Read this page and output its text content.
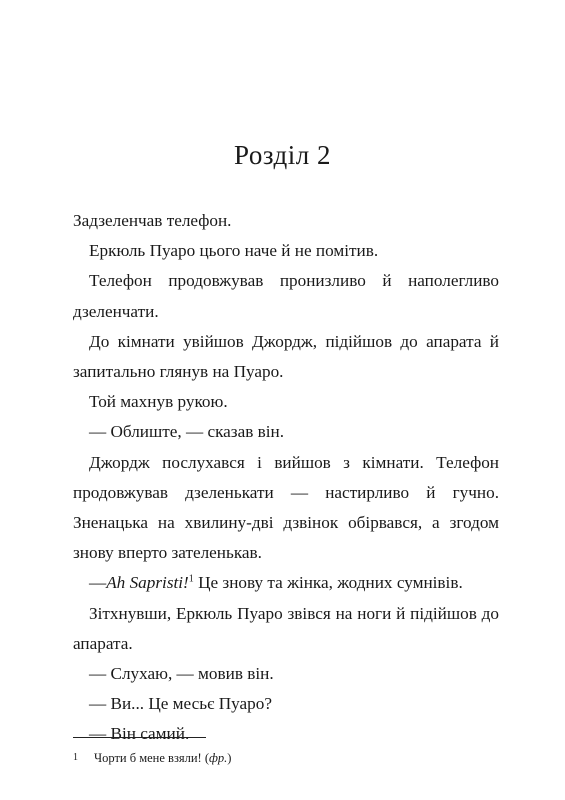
Розділ 2

Задзеленчав телефон.

Еркюль Пуаро цього наче й не помітив.

Телефон продовжував пронизливо й наполегливо дзеленчати.

До кімнати увійшов Джордж, підійшов до апарата й запитально глянув на Пуаро.

Той махнув рукою.

— Облиште, — сказав він.

Джордж послухався і вийшов з кімнати. Телефон продовжував дзеленькати — настирливо й гучно. Зненацька на хвилину-дві дзвінок обірвався, а згодом знову вперто зателенькав.

—Ah Sapristi!$^1$ Це знову та жінка, жодних сумнівів.

Зітхнувши, Еркюль Пуаро звівся на ноги й підійшов до апарата.

— Слухаю, — мовив він.

— Ви... Це месьє Пуаро?

— Він самий.

1 Чорти б мене взяли! (фр.)
